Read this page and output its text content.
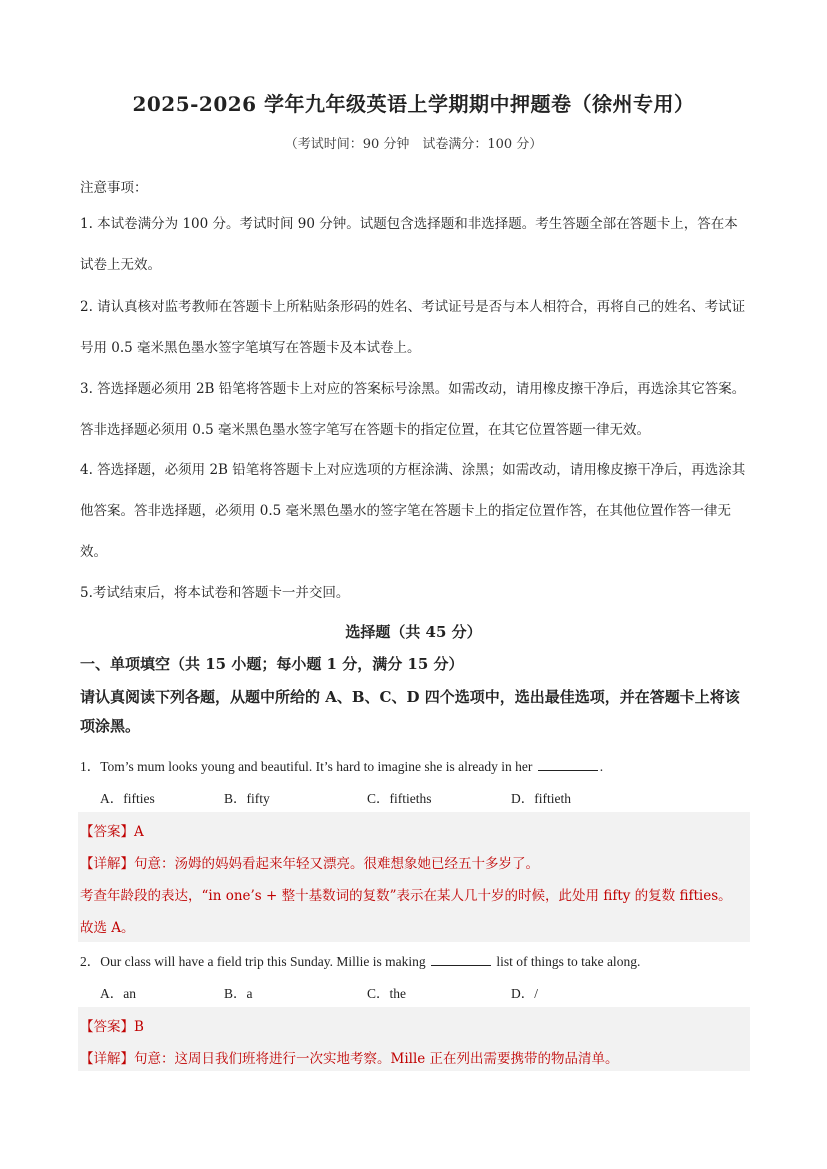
2025-2026 学年九年级英语上学期期中押题卷（徐州专用）
（考试时间：90 分钟　试卷满分：100 分）
注意事项：
1. 本试卷满分为 100 分。考试时间 90 分钟。试题包含选择题和非选择题。考生答题全部在答题卡上，答在本试卷上无效。
2. 请认真核对监考教师在答题卡上所粘贴条形码的姓名、考试证号是否与本人相符合，再将自己的姓名、考试证号用 0.5 毫米黑色墨水签字笔填写在答题卡及本试卷上。
3. 答选择题必须用 2B 铅笔将答题卡上对应的答案标号涂黑。如需改动，请用橡皮擦干净后，再选涂其它答案。答非选择题必须用 0.5 毫米黑色墨水签字笔写在答题卡的指定位置，在其它位置答题一律无效。
4. 答选择题，必须用 2B 铅笔将答题卡上对应选项的方框涂满、涂黑；如需改动，请用橡皮擦干净后，再选涂其他答案。答非选择题，必须用 0.5 毫米黑色墨水的签字笔在答题卡上的指定位置作答，在其他位置作答一律无效。
5.考试结束后，将本试卷和答题卡一并交回。
选择题（共 45 分）
一、单项填空（共 15 小题；每小题 1 分，满分 15 分）
请认真阅读下列各题，从题中所给的 A、B、C、D 四个选项中，选出最佳选项，并在答题卡上将该项涂黑。
1．Tom’s mum looks young and beautiful. It’s hard to imagine she is already in her	.
A．fifties	B．fifty	C．fiftieths	D．fiftieth
【答案】A
【详解】句意：汤姆的妈妈看起来年轻又漂亮。很难想象她已经五十多岁了。
考查年龄段的表达，“in one’s + 整十基数词的复数”表示在某人几十岁的时候，此处用 fifty 的复数 fifties。
故选 A。
2．Our class will have a field trip this Sunday. Millie is making	list of things to take along.
A．an	B．a	C．the	D．/
【答案】B
【详解】句意：这周日我们班将进行一次实地考察。Mille 正在列出需要携带的物品清单。
